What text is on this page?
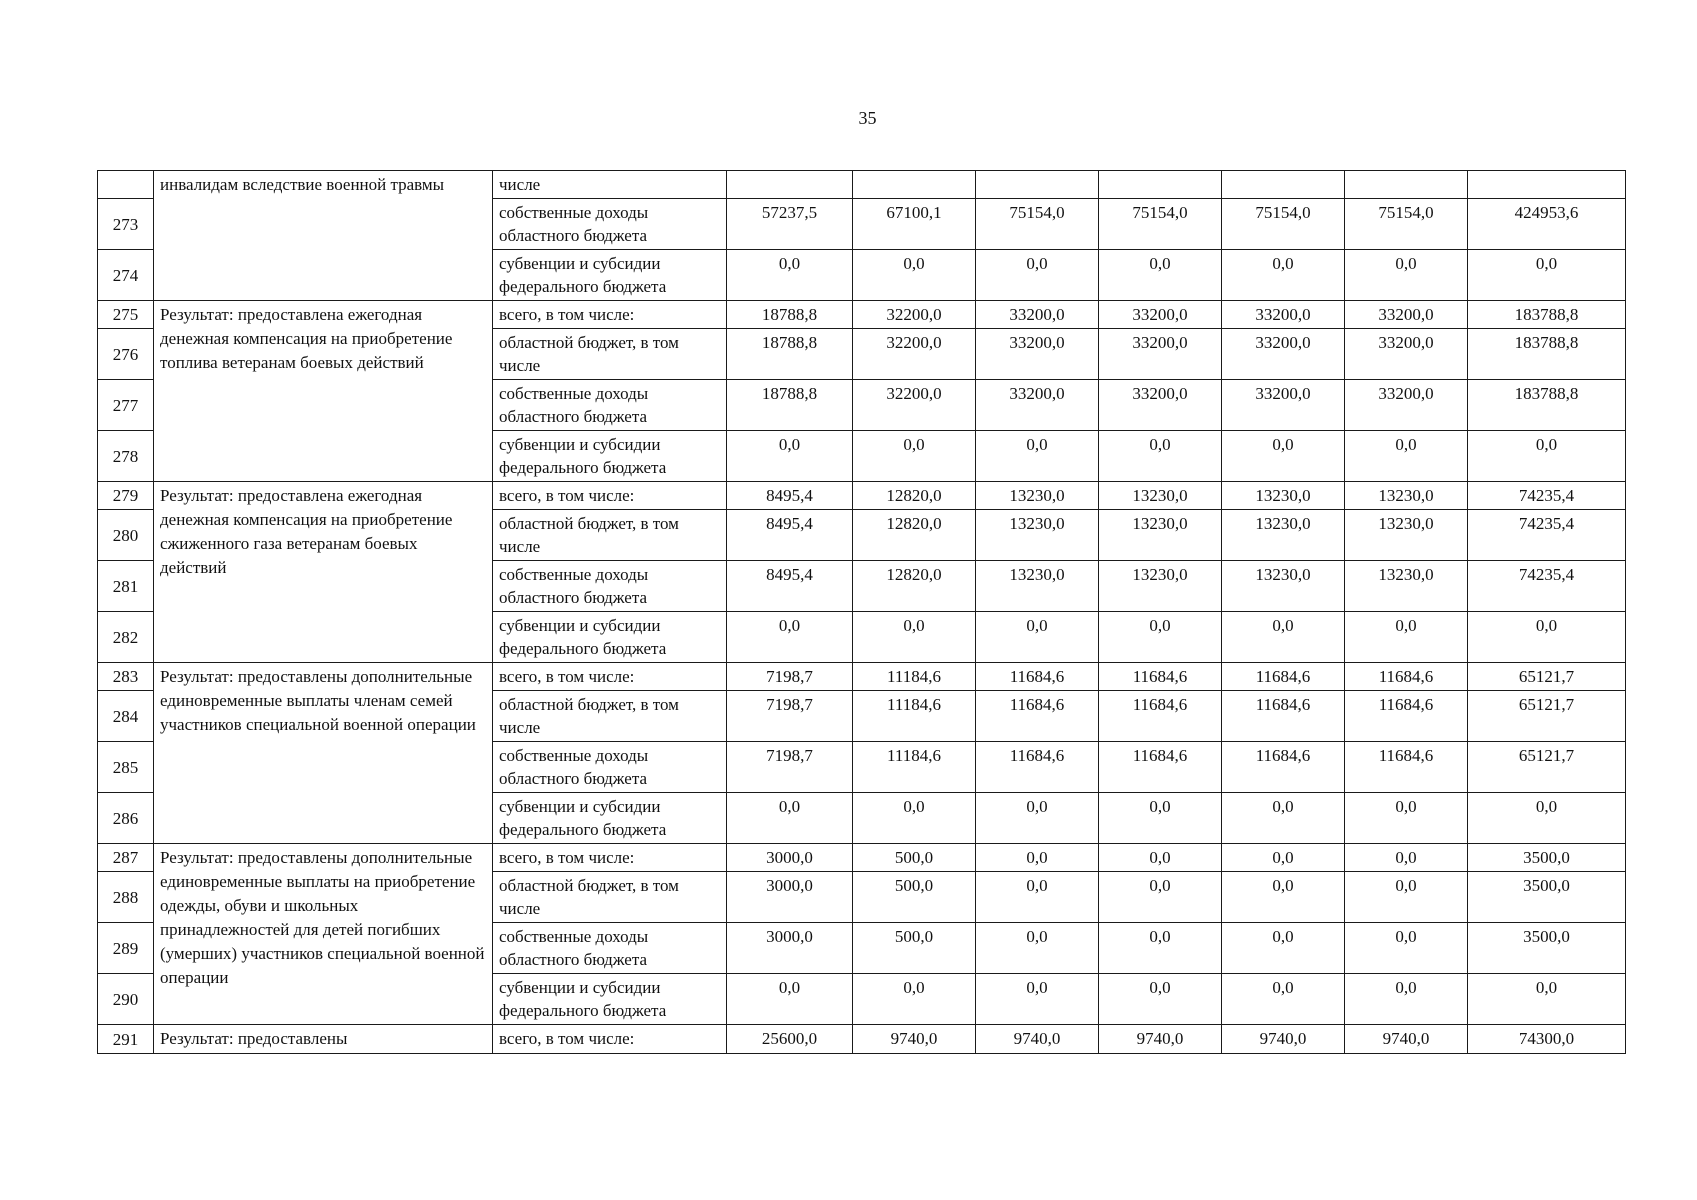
35
	инвалидам вследствие военной травмы	числе							
273		собственные доходы областного бюджета	57237,5	67100,1	75154,0	75154,0	75154,0	75154,0	424953,6
274		субвенции и субсидии федерального бюджета	0,0	0,0	0,0	0,0	0,0	0,0	0,0
275	Результат: предоставлена ежегодная денежная компенсация на приобретение топлива ветеранам боевых действий	всего, в том числе:	18788,8	32200,0	33200,0	33200,0	33200,0	33200,0	183788,8
276		областной бюджет, в том числе	18788,8	32200,0	33200,0	33200,0	33200,0	33200,0	183788,8
277		собственные доходы областного бюджета	18788,8	32200,0	33200,0	33200,0	33200,0	33200,0	183788,8
278		субвенции и субсидии федерального бюджета	0,0	0,0	0,0	0,0	0,0	0,0	0,0
279	Результат: предоставлена ежегодная денежная компенсация на приобретение сжиженного газа ветеранам боевых действий	всего, в том числе:	8495,4	12820,0	13230,0	13230,0	13230,0	13230,0	74235,4
280		областной бюджет, в том числе	8495,4	12820,0	13230,0	13230,0	13230,0	13230,0	74235,4
281		собственные доходы областного бюджета	8495,4	12820,0	13230,0	13230,0	13230,0	13230,0	74235,4
282		субвенции и субсидии федерального бюджета	0,0	0,0	0,0	0,0	0,0	0,0	0,0
283	Результат: предоставлены дополнительные единовременные выплаты членам семей участников специальной военной операции	всего, в том числе:	7198,7	11184,6	11684,6	11684,6	11684,6	11684,6	65121,7
284		областной бюджет, в том числе	7198,7	11184,6	11684,6	11684,6	11684,6	11684,6	65121,7
285		собственные доходы областного бюджета	7198,7	11184,6	11684,6	11684,6	11684,6	11684,6	65121,7
286		субвенции и субсидии федерального бюджета	0,0	0,0	0,0	0,0	0,0	0,0	0,0
287	Результат: предоставлены дополнительные единовременные выплаты на приобретение одежды, обуви и школьных принадлежностей для детей погибших (умерших) участников специальной военной операции	всего, в том числе:	3000,0	500,0	0,0	0,0	0,0	0,0	3500,0
288		областной бюджет, в том числе	3000,0	500,0	0,0	0,0	0,0	0,0	3500,0
289		собственные доходы областного бюджета	3000,0	500,0	0,0	0,0	0,0	0,0	3500,0
290		субвенции и субсидии федерального бюджета	0,0	0,0	0,0	0,0	0,0	0,0	0,0
291	Результат: предоставлены	всего, в том числе:	25600,0	9740,0	9740,0	9740,0	9740,0	9740,0	74300,0
